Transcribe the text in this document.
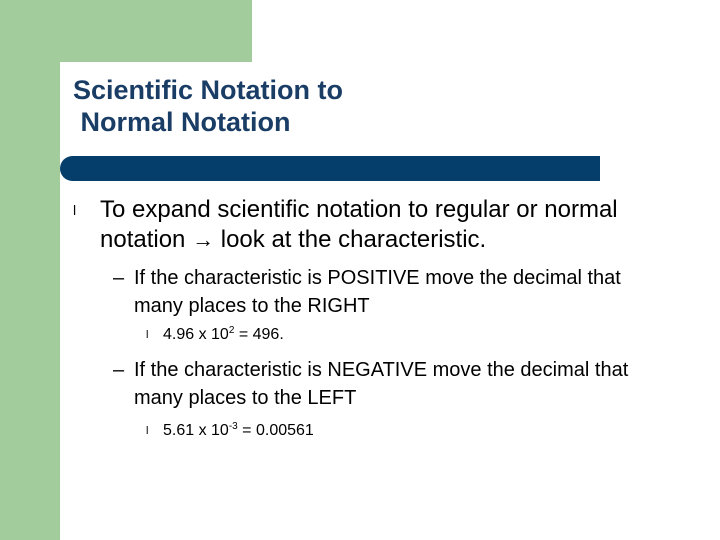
Scientific Notation to
Normal Notation
l To expand scientific notation to regular or normal notation → look at the characteristic.
– If the characteristic is POSITIVE move the decimal that many places to the RIGHT
l 4.96 x $10^2 = 496$.
– If the characteristic is NEGATIVE move the decimal that many places to the LEFT
l 5.61 x $10^{-3} = 0.00561$
